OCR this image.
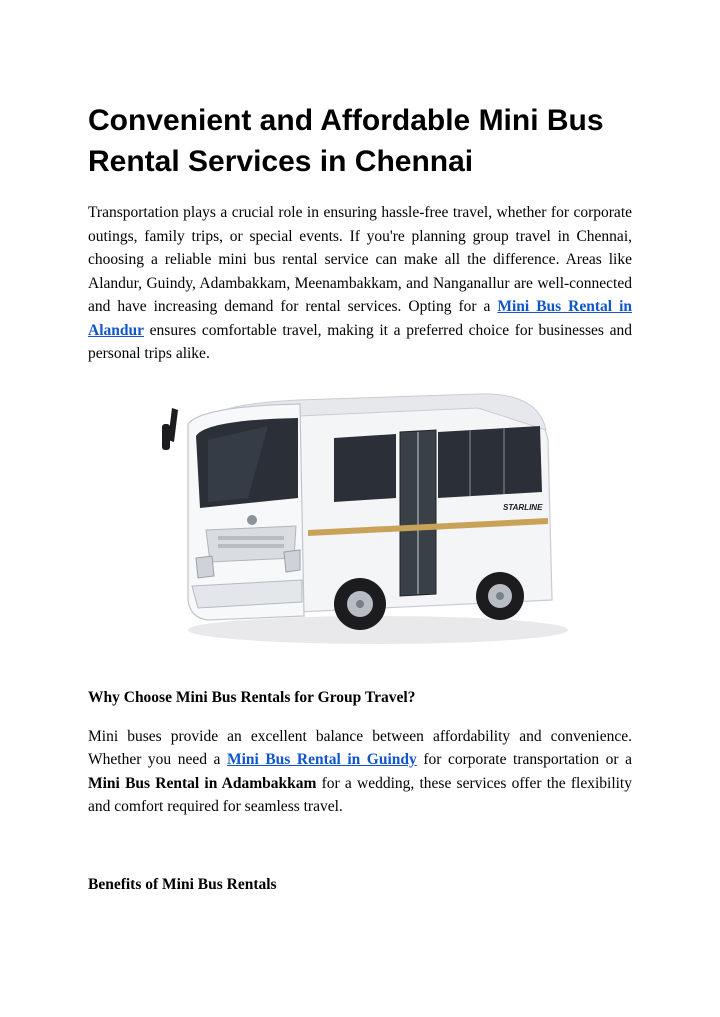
Convenient and Affordable Mini Bus Rental Services in Chennai

Transportation plays a crucial role in ensuring hassle-free travel, whether for corporate outings, family trips, or special events. If you're planning group travel in Chennai, choosing a reliable mini bus rental service can make all the difference. Areas like Alandur, Guindy, Adambakkam, Meenambakkam, and Nanganallur are well-connected and have increasing demand for rental services. Opting for a Mini Bus Rental in Alandur ensures comfortable travel, making it a preferred choice for businesses and personal trips alike.

Why Choose Mini Bus Rentals for Group Travel?

Mini buses provide an excellent balance between affordability and convenience. Whether you need a Mini Bus Rental in Guindy for corporate transportation or a Mini Bus Rental in Adambakkam for a wedding, these services offer the flexibility and comfort required for seamless travel.

Benefits of Mini Bus Rentals
STARLINE
